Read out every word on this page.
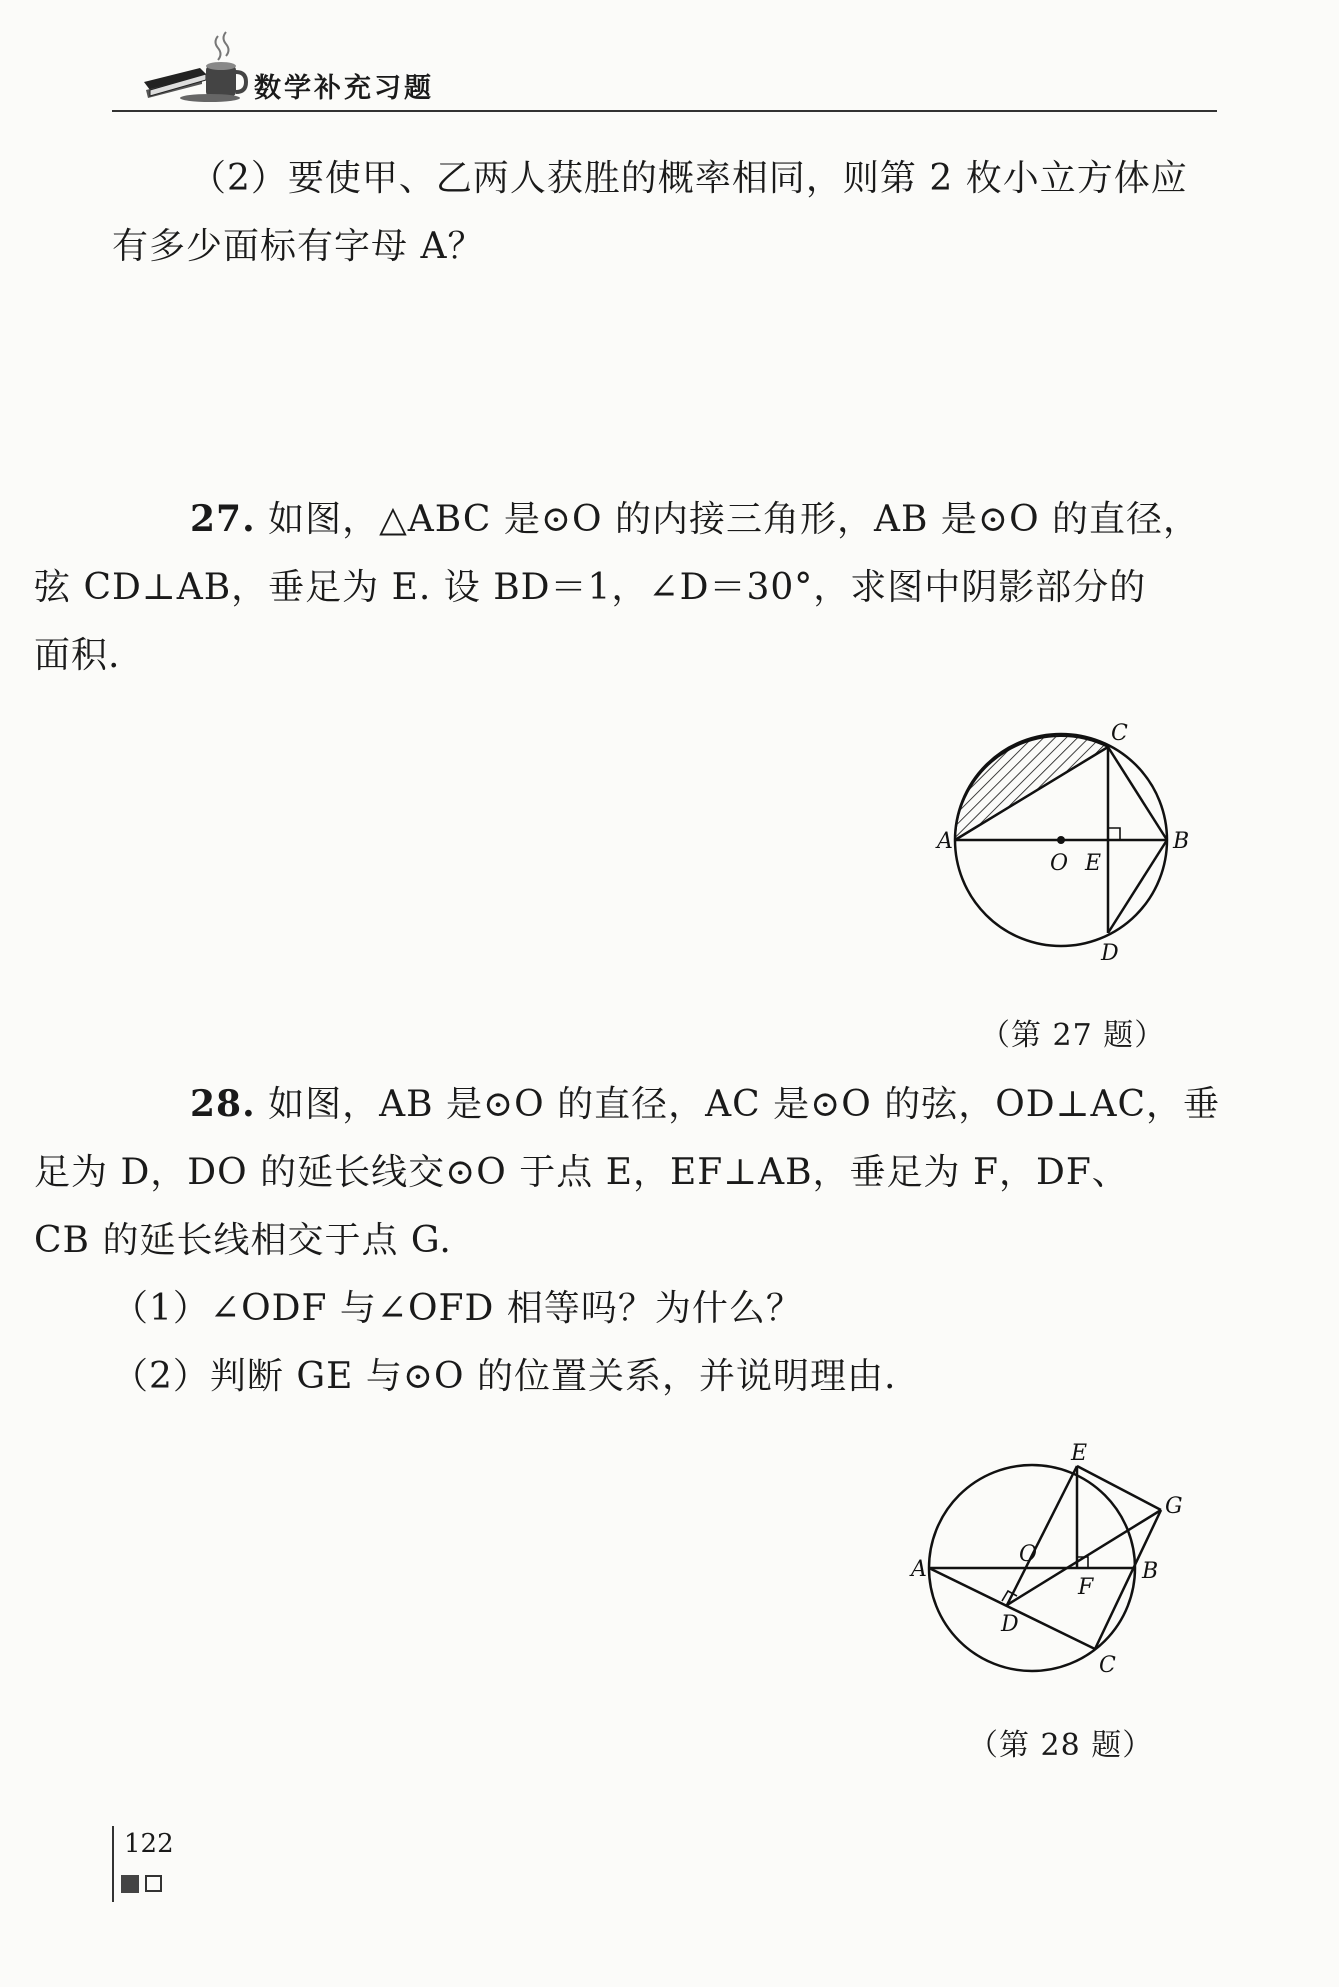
数学补充习题
（2）要使甲、乙两人获胜的概率相同，则第 2 枚小立方体应有多少面标有字母 A？
27. 如图，△ABC 是⊙O 的内接三角形，AB 是⊙O 的直径，
弦 CD⊥AB，垂足为 E. 设 BD＝1，∠D＝30°，求图中阴影部分的
面积.
A	B
C
D
E
O
（第 27 题）
28. 如图，AB 是⊙O 的直径，AC 是⊙O 的弦，OD⊥AC，垂
足为 D，DO 的延长线交⊙O 于点 E，EF⊥AB，垂足为 F，DF、
CB 的延长线相交于点 G.
（1）∠ODF 与∠OFD 相等吗？为什么？
（2）判断 GE 与⊙O 的位置关系，并说明理由.
A	B
C
D
E
F
G
O
（第 28 题）
122
